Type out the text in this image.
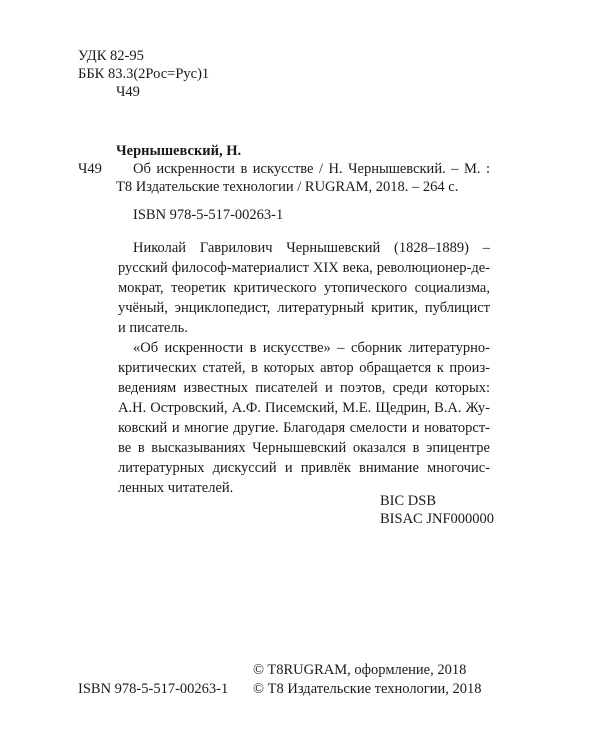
УДК 82-95
ББК 83.3(2Рос=Рус)1
Ч49
Чернышевский, Н.
Ч49 Об искренности в искусстве / Н. Чернышевский. – М. :
Т8 Издательские технологии / RUGRAM, 2018. – 264 с.
ISBN 978-5-517-00263-1
Николай Гаврилович Чернышевский (1828–1889) –
русский философ-материалист XIX века, революционер-де-
мократ, теоретик критического утопического социализма,
учёный, энциклопедист, литературный критик, публицист
и писатель.
«Об искренности в искусстве» – сборник литературно-
критических статей, в которых автор обращается к произ-
ведениям известных писателей и поэтов, среди которых:
А.Н. Островский, А.Ф. Писемский, М.Е. Щедрин, В.А. Жу-
ковский и многие другие. Благодаря смелости и новаторст-
ве в высказываниях Чернышевский оказался в эпицентре
литературных дискуссий и привлёк внимание многочис-
ленных читателей.
BIC DSB
BISAC JNF000000
© T8RUGRAM, оформление, 2018
ISBN 978-5-517-00263-1 © Т8 Издательские технологии, 2018
